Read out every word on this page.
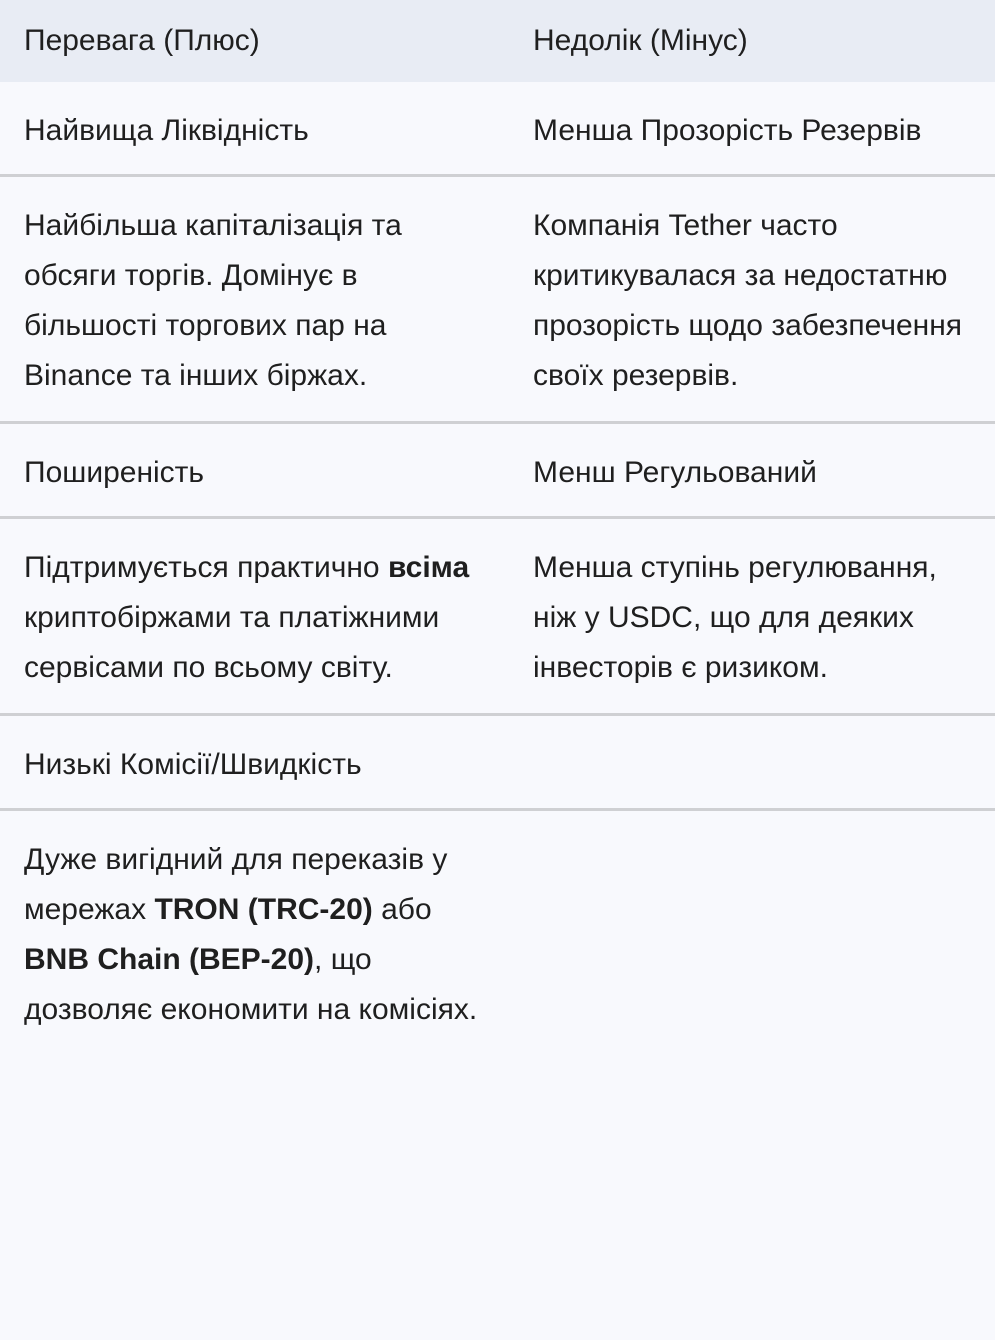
Перевага (Плюс)	Недолік (Мінус)
Найвища Ліквідність	Менша Прозорість Резервів
Найбільша капіталізація та обсяги торгів. Домінує в більшості торгових пар на Binance та інших біржах.	Компанія Tether часто критикувалася за недостатню прозорість щодо забезпечення своїх резервів.
Поширеність	Менш Регульований
Підтримується практично всіма криптобіржами та платіжними сервісами по всьому світу.	Менша ступінь регулювання, ніж у USDC, що для деяких інвесторів є ризиком.
Низькі Комісії/Швидкість	
Дуже вигідний для переказів у мережах TRON (TRC-20) або BNB Chain (BEP-20), що дозволяє економити на комісіях.	
